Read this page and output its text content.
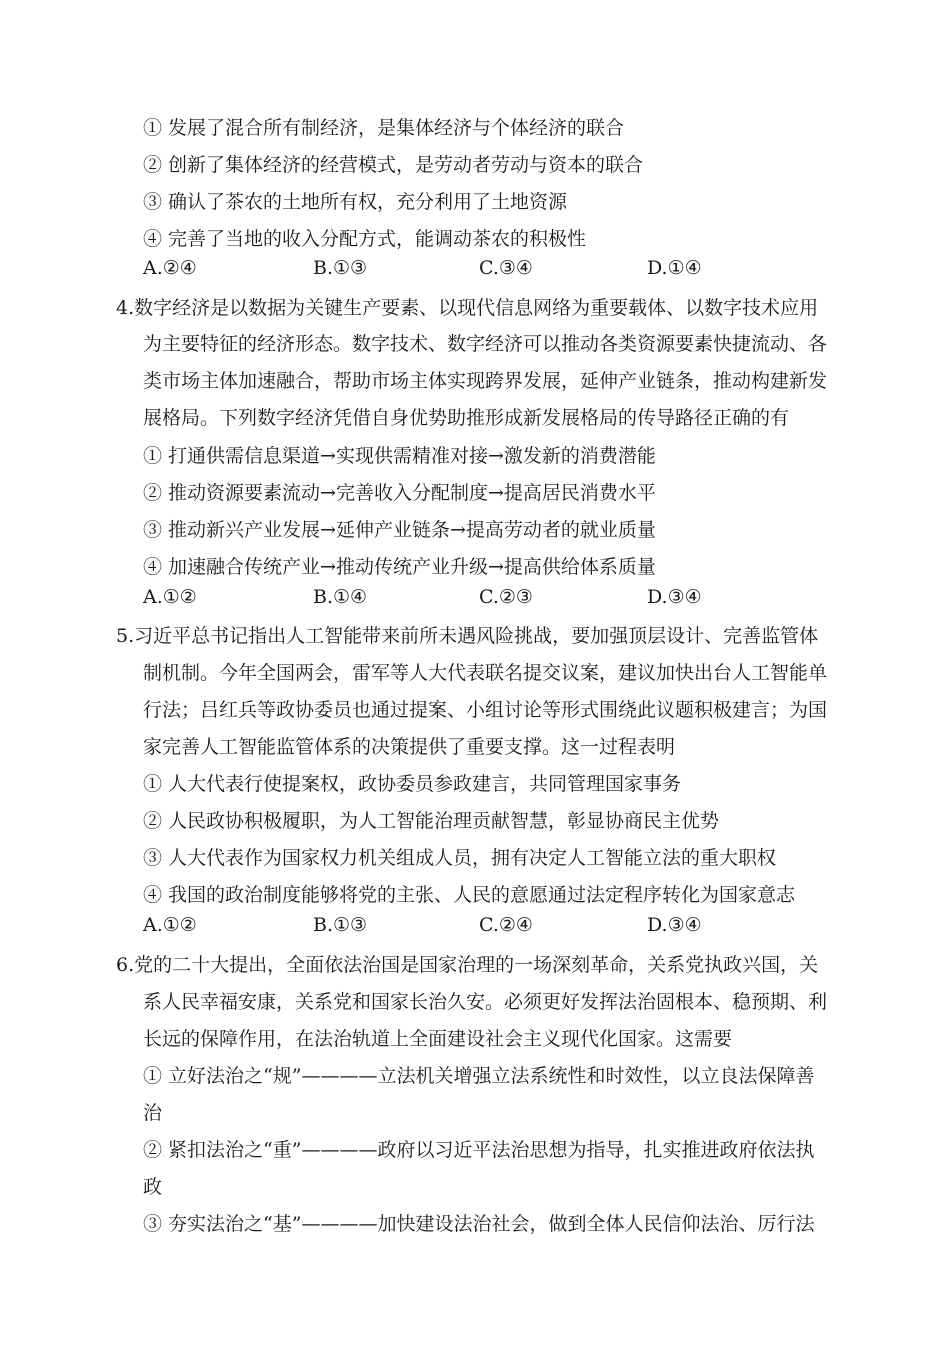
① 发展了混合所有制经济，是集体经济与个体经济的联合
② 创新了集体经济的经营模式，是劳动者劳动与资本的联合
③ 确认了茶农的土地所有权，充分利用了土地资源
④ 完善了当地的收入分配方式，能调动茶农的积极性
A.②④	B.①③	C.③④	D.①④
4.数字经济是以数据为关键生产要素、以现代信息网络为重要载体、以数字技术应用
为主要特征的经济形态。数字技术、数字经济可以推动各类资源要素快捷流动、各
类市场主体加速融合，帮助市场主体实现跨界发展，延伸产业链条，推动构建新发
展格局。下列数字经济凭借自身优势助推形成新发展格局的传导路径正确的有
① 打通供需信息渠道→实现供需精准对接→激发新的消费潜能
② 推动资源要素流动→完善收入分配制度→提高居民消费水平
③ 推动新兴产业发展→延伸产业链条→提高劳动者的就业质量
④ 加速融合传统产业→推动传统产业升级→提高供给体系质量
A.①②	B.①④	C.②③	D.③④
5.习近平总书记指出人工智能带来前所未遇风险挑战，要加强顶层设计、完善监管体
制机制。今年全国两会，雷军等人大代表联名提交议案，建议加快出台人工智能单
行法；吕红兵等政协委员也通过提案、小组讨论等形式围绕此议题积极建言；为国
家完善人工智能监管体系的决策提供了重要支撑。这一过程表明
① 人大代表行使提案权，政协委员参政建言，共同管理国家事务
② 人民政协积极履职，为人工智能治理贡献智慧，彰显协商民主优势
③ 人大代表作为国家权力机关组成人员，拥有决定人工智能立法的重大职权
④ 我国的政治制度能够将党的主张、人民的意愿通过法定程序转化为国家意志
A.①②	B.①③	C.②④	D.③④
6.党的二十大提出，全面依法治国是国家治理的一场深刻革命，关系党执政兴国，关
系人民幸福安康，关系党和国家长治久安。必须更好发挥法治固根本、稳预期、利
长远的保障作用，在法治轨道上全面建设社会主义现代化国家。这需要
① 立好法治之“规”————立法机关增强立法系统性和时效性，以立良法保障善
治
② 紧扣法治之“重”————政府以习近平法治思想为指导，扎实推进政府依法执
政
③ 夯实法治之“基”————加快建设法治社会，做到全体人民信仰法治、厉行法
